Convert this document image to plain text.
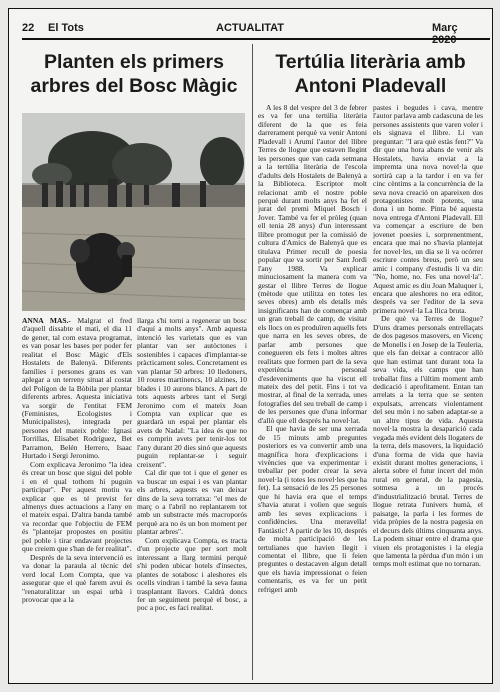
22 El Tots	ACTUALITAT	Març 2020
Planten els primers arbres del Bosc Màgic
Tertúlia literària amb Antoni Pladevall

ANNA MAS.- Malgrat el fred d'aquell dissabte el matí, el dia 11 de gener, tal com estava programat, es van posar les bases per poder fer realitat el Bosc Màgic d'Els Hostalets de Balenyà. Diferents famílies i persones grans es van aplegar a un terreny situat al costat del Polígon de la Bòbila per plantar diferents arbres. Aquesta iniciativa va sorgir de l'entitat FEM (Feministes, Ecologistes i Municipalistes), integrada per persones del mateix poble: Ignasi Torrillas, Elisabet Rodríguez, Bet Parramon, Belén Herrero, Isaac Hurtado i Sergi Jeronimo.

Com explicava Jeronimo "la idea és crear un bosc que sigui del poble i en el qual tothom hi puguin participar". Per aquest motiu va explicar que es té previst fer almenys dues actuacions a l'any en el mateix espai. D'altra banda també va recordar que l'objectiu de FEM és "plantejar propostes en positiu pel poble i tirar endavant projectes que creiem que s'han de fer realitat".

Després de la seva intervenció es va donar la paraula al tècnic del verd local Lom Compta, que va assegurar que el què farem avui és "renaturalitzar un espai urbà i provocar que a la

llarga s'hi torni a regenerar un bosc d'aquí a molts anys". Amb aquesta intenció les varietats que es van plantar van ser autòctones i sostenibles i capaces d'implantar-se pràcticament soles. Concretament es van plantar 50 arbres: 10 lledoners, 10 roures martinencs, 10 alzines, 10 blades i 10 aurons blancs. A part de tots aquests arbres tant el Sergi Jeronimo com el mateix Joan Compta van explicar que es guardarà un espai per plantar els avets de Nadal: "La idea és que no es comprin avets per tenir-los tot l'any durant 20 dies sinó que aquests puguin replantar-se i seguir creixent".

Cal dir que tot i que el gener es va buscar un espai i es van plantar els arbres, aquests es van deixar dins de la seva torratxa: "el mes de març o a l'abril no replantarem tot amb un substracte més macroporós perquè ara no és un bon moment per plantar arbres".

Com explicava Compta, es tracta d'un projecte que per sort molt interessant a llarg termini perquè s'hi poden ubicar hotels d'insectes, plantes de sotabosc i aleshores els ocells vindran i també la seva fauna trasplantant llavors. Caldrà doncs fer un seguiment perquè el bosc, a poc a poc, es faci realitat.

A les 8 del vespre del 3 de febrer es va fer una tertúlia literària diferent de la que es feia darrerament perquè va venir Antoni Pladevall i Arumí l'autor del llibre Terres de llogue que estaven llegint les persones que van cada setmana a la tertúlia literària de l'escola d'adults dels Hostalets de Balenyà a la Biblioteca. Escriptor molt relacionat amb el nostre poble perquè durant molts anys ha fet el jurat del premi Miquel Bosch i Jover. També va fer el pròleg (quan ell tenia 28 anys) d'un interessant llibre promogut per la comissió de cultura d'Amics de Balenyà que es titulava Primer recull de poesia popular que va sortir per Sant Jordi l'any 1988. Va explicar minuciosament la manera com va gestar el llibre Terres de llogue (mètode que utilitza en totes les seves obres) amb els detalls més insignificants han de començar amb un gran treball de camp, de visitar els llocs on es produïren aquells fets que narra en les seves obres, de parlar amb persones que conegueren els fets i moltes altres realitats que formen part de la seva experiència personal d'esdeveniments que ha viscut ell mateix des del petit. Fins i tot va mostrar, al final de la xerrada, unes fotografies del seu treball de camp i de les persones que d'una informar d'allò que ell després ha novel·lat.

El que havia de ser una xerrada de 15 minuts amb preguntes posteriors es va convertir amb una magnífica hora d'explicacions i vivències que va experimentar i treballar per poder crear la seva novel·la (i totes les novel·les que ha fet). La sensació de les 25 persones que hi havia era que el temps s'havia aturat i volien que seguís amb les seves explicacions i confidències. Una meravella! Fantàstic! A partir de les 10, després de molta participació de les tertulianes que havien llegit i comentat el llibre, que li feien preguntes o destacaven algun detall que els havia impressionat o feien comentaris, es va fer un petit refrigeri amb

pastes i begudes i cava, mentre l'autor parlava amb cadascuna de les persones assistents que varen voler i els signava el llibre. Li van preguntar: "I ara què estàs fent?" Va dir que una hora abans de venir als Hostalets, havia enviat a la impremta una nova novel·la que sortirà cap a la tardor i en va fer cinc cèntims a la concurrència de la seva nova creació on apareixen dos protagonistes molt potents, una dona i un home. Pinta bé aquesta nova entrega d'Antoni Pladevall. Ell va començar a escriure de ben jovenet poesies i, sorprenentment, encara que mai no s'havia plantejat fer novel·les, un dia se li va ocórrer escriure contes breus, però un seu amic i company d'estudis li va dir: "No, home, no. Fes una novel·la". Aquest amic es diu Joan Maluquer i, encara que aleshores no era editor, després va ser l'editor de la seva primera novel·la La llica bruta.

De què va Terres de llogue? D'uns drames personals entrellaçats de dos pagesos masovers, en Vicenç de Monells i en Josep de la Teuleria, que els fan deixar a contracor allò que han estimat tant durant tota la seva vida, els camps que han treballat fins a l'últim moment amb dedicació i aprofitament. Entan tan arrelats a la terra que se senten expulsats, arrencats violentament del seu món i no saben adaptar-se a un altre tipus de vida. Aquesta novel·la mostra la desaparició cada vegada més evident dels llogaters de la terra, dels masovers, la liquidació d'una forma de vida que havia existit durant moltes generacions, i alerta sobre el futur incert del món rural en general, de la pagesia, sotmesa a un procés d'industrialització brutal. Terres de llogue retrata l'univers humà, el paisatge, la parla i les formes de vida pròpies de la nostra pagesia en el decurs dels últims cinquanta anys. La podem situar entre el drama que viuen els protagonistes i la elegia que lamenta la pèrdua d'un món i un temps molt estimat que no tornaran.
